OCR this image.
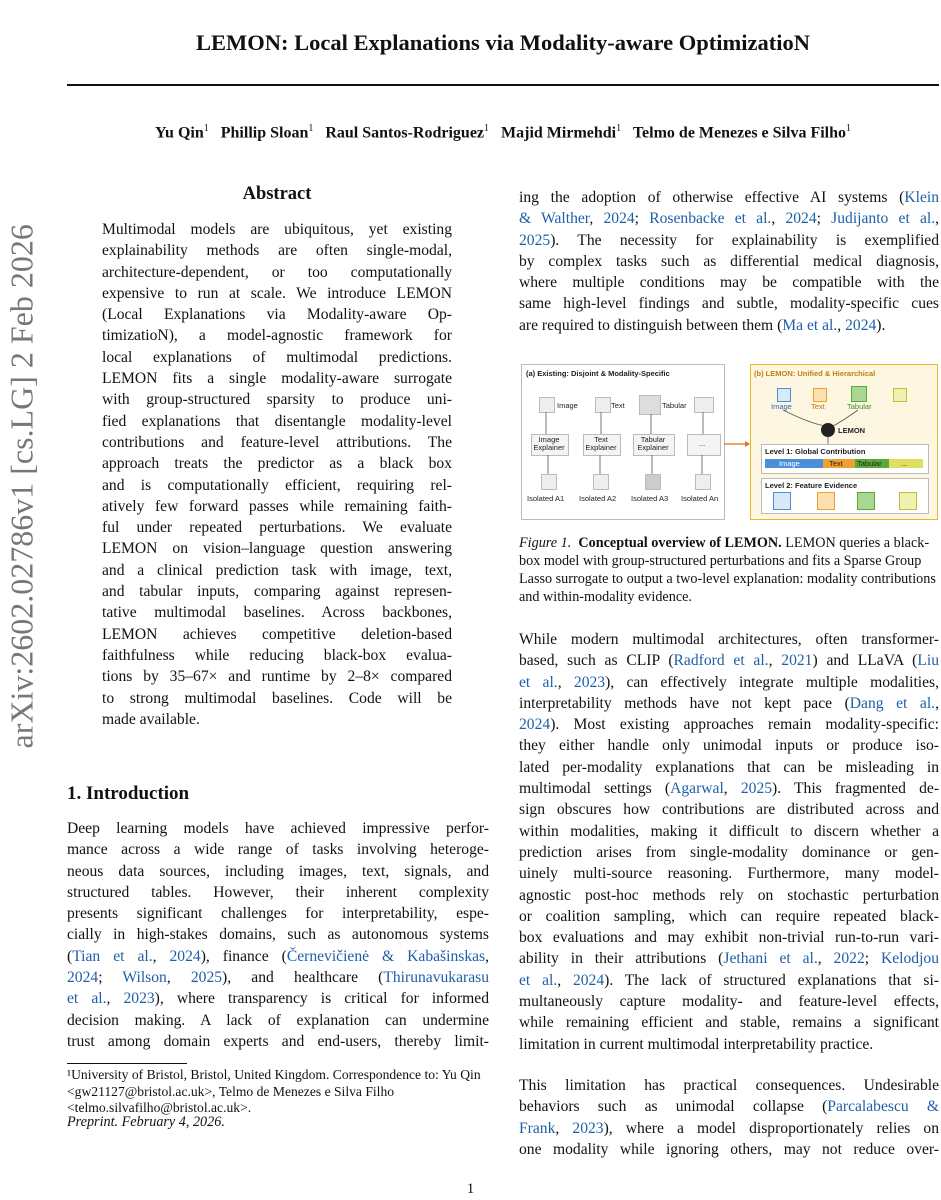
LEMON: Local Explanations via Modality-aware OptimizatioN
Yu Qin$^1$ Phillip Sloan$^1$ Raul Santos-Rodriguez$^1$ Majid Mirmehdi$^1$ Telmo de Menezes e Silva Filho$^1$
arXiv:2602.02786v1 [cs.LG] 2 Feb 2026
Abstract
Multimodal models are ubiquitous, yet existing
explainability methods are often single-modal,
architecture-dependent, or too computationally
expensive to run at scale. We introduce LEMON
(Local Explanations via Modality-aware Op-
timizatioN), a model-agnostic framework for
local explanations of multimodal predictions.
LEMON fits a single modality-aware surrogate
with group-structured sparsity to produce uni-
fied explanations that disentangle modality-level
contributions and feature-level attributions. The
approach treats the predictor as a black box
and is computationally efficient, requiring rel-
atively few forward passes while remaining faith-
ful under repeated perturbations. We evaluate
LEMON on vision–language question answering
and a clinical prediction task with image, text,
and tabular inputs, comparing against represen-
tative multimodal baselines. Across backbones,
LEMON achieves competitive deletion-based
faithfulness while reducing black-box evalua-
tions by 35–67× and runtime by 2–8× compared
to strong multimodal baselines. Code will be
made available.
1. Introduction
Deep learning models have achieved impressive perfor-
mance across a wide range of tasks involving heteroge-
neous data sources, including images, text, signals, and
structured tables. However, their inherent complexity
presents significant challenges for interpretability, espe-
cially in high-stakes domains, such as autonomous systems
(Tian et al., 2024), finance (Černevičienė & Kabašinskas,
2024; Wilson, 2025), and healthcare (Thirunavukarasu
et al., 2023), where transparency is critical for informed
decision making. A lack of explanation can undermine
trust among domain experts and end-users, thereby limit-
¹University of Bristol, Bristol, United Kingdom. Correspondence to: Yu Qin <gw21127@bristol.ac.uk>, Telmo de Menezes e Silva Filho <telmo.silvafilho@bristol.ac.uk>.
Preprint. February 4, 2026.
1
ing the adoption of otherwise effective AI systems (Klein
& Walther, 2024; Rosenbacke et al., 2024; Judijanto et al.,
2025). The necessity for explainability is exemplified
by complex tasks such as differential medical diagnosis,
where multiple conditions may be compatible with the
same high-level findings and subtle, modality-specific cues
are required to distinguish between them (Ma et al., 2024).
(a) Existing: Disjoint & Modality-Specific
Image	Text	Tabular
Image
Explainer
Text
Explainer
Tabular
Explainer	...
Isolated A1 Isolated A2 Isolated A3 Isolated An
(b) LEMON: Unified & Hierarchical
Image	Text	Tabular
LEMON
Level 1: Global Contribution
Image	Text Tabular	...
Level 2: Feature Evidence
Figure 1. Conceptual overview of LEMON. LEMON queries a black-box model with group-structured perturbations and fits a Sparse Group Lasso surrogate to output a two-level explanation: modality contributions and within-modality evidence.
While modern multimodal architectures, often transformer-
based, such as CLIP (Radford et al., 2021) and LLaVA (Liu
et al., 2023), can effectively integrate multiple modalities,
interpretability methods have not kept pace (Dang et al.,
2024). Most existing approaches remain modality-specific:
they either handle only unimodal inputs or produce iso-
lated per-modality explanations that can be misleading in
multimodal settings (Agarwal, 2025). This fragmented de-
sign obscures how contributions are distributed across and
within modalities, making it difficult to discern whether a
prediction arises from single-modality dominance or gen-
uinely multi-source reasoning. Furthermore, many model-
agnostic post-hoc methods rely on stochastic perturbation
or coalition sampling, which can require repeated black-
box evaluations and may exhibit non-trivial run-to-run vari-
ability in their attributions (Jethani et al., 2022; Kelodjou
et al., 2024). The lack of structured explanations that si-
multaneously capture modality- and feature-level effects,
while remaining efficient and stable, remains a significant
limitation in current multimodal interpretability practice.
This limitation has practical consequences. Undesirable
behaviors such as unimodal collapse (Parcalabescu &
Frank, 2023), where a model disproportionately relies on
one modality while ignoring others, may not reduce over-
